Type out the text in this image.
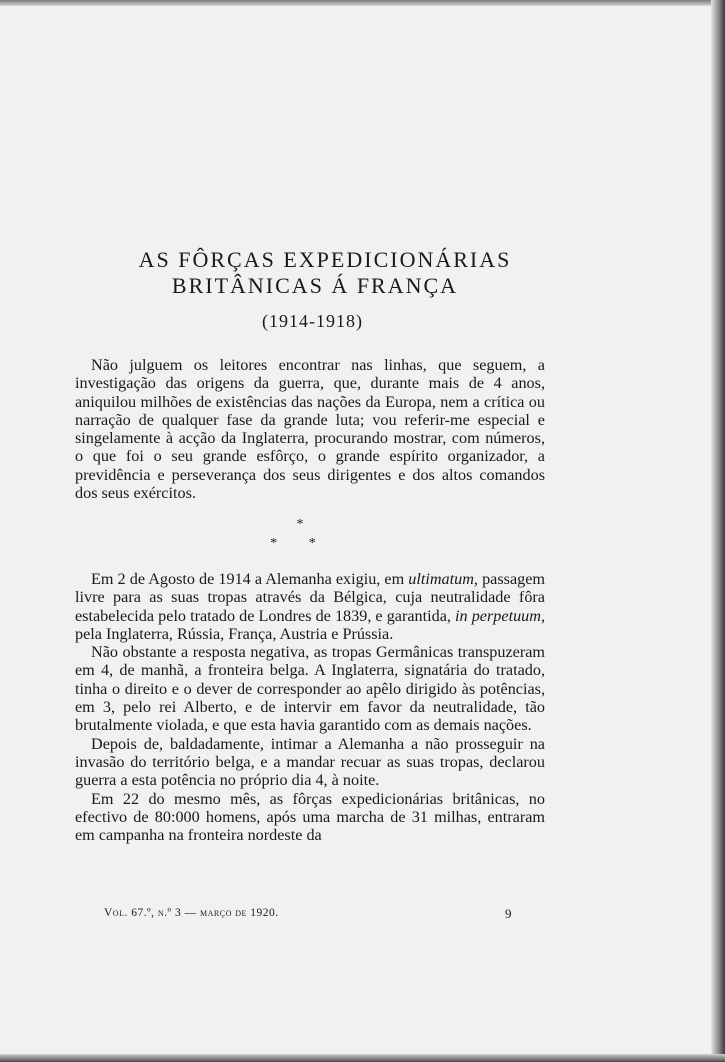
AS FÔRÇAS EXPEDICIONÁRIAS
BRITÂNICAS Á FRANÇA
(1914-1918)

Não julguem os leitores encontrar nas linhas, que seguem, a investigação das origens da guerra, que, durante mais de 4 anos, aniquilou milhões de existências das nações da Europa, nem a crítica ou narração de qualquer fase da grande luta; vou referir-me especial e singelamente à acção da Inglaterra, procurando mostrar, com números, o que foi o seu grande esfôrço, o grande espírito organizador, a previdência e perseverança dos seus dirigentes e dos altos comandos dos seus exércitos.

*
* *

Em 2 de Agosto de 1914 a Alemanha exigiu, em ultimatum, passagem livre para as suas tropas através da Bélgica, cuja neutralidade fôra estabelecida pelo tratado de Londres de 1839, e garantida, in perpetuum, pela Inglaterra, Rússia, França, Austria e Prússia.

Não obstante a resposta negativa, as tropas Germânicas transpuzeram em 4, de manhã, a fronteira belga. A Inglaterra, signatária do tratado, tinha o direito e o dever de corresponder ao apêlo dirigido às potências, em 3, pelo rei Alberto, e de intervir em favor da neutralidade, tão brutalmente violada, e que esta havia garantido com as demais nações.

Depois de, baldadamente, intimar a Alemanha a não prosseguir na invasão do território belga, e a mandar recuar as suas tropas, declarou guerra a esta potência no próprio dia 4, à noite.

Em 22 do mesmo mês, as fôrças expedicionárias britânicas, no efectivo de 80:000 homens, após uma marcha de 31 milhas, entraram em campanha na fronteira nordeste da

Vol. 67.º, n.º 3 — março de 1920.	9
